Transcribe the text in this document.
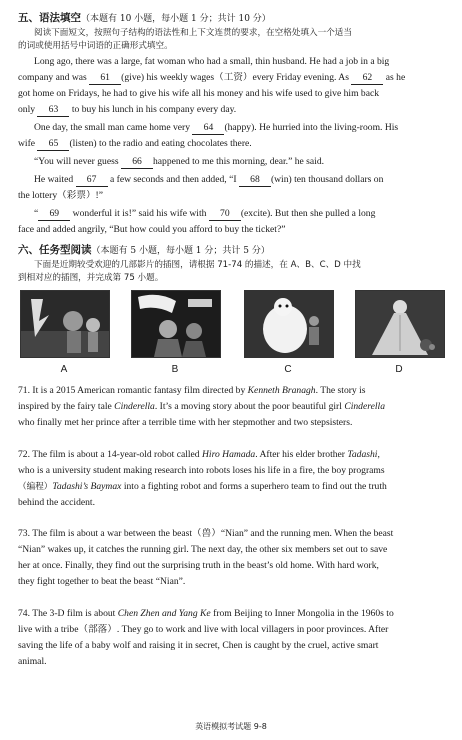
五、语法填空（本题有 10 小题，每小题 1 分；共计 10 分）
阅读下面短文，按照句子结构的语法性和上下文连贯的要求，在空格处填入一个适当
的词或使用括号中词语的正确形式填空。
Long ago, there was a large, fat woman who had a small, thin husband. He had a job in a big
company and was 61 (give) his weekly wages（工资）every Friday evening. As 62 as he
got home on Fridays, he had to give his wife all his money and his wife used to give him back
only 63 to buy his lunch in his company every day.
One day, the small man came home very 64 (happy). He hurried into the living-room. His
wife 65 (listen) to the radio and eating chocolates there.
“You will never guess 66 happened to me this morning, dear.” he said.
He waited 67 a few seconds and then added, “I 68 (win) ten thousand dollars on
the lottery（彩票）!”
“ 69 wonderful it is!” said his wife with 70 (excite). But then she pulled a long
face and added angrily, “But how could you afford to buy the ticket?”
六、任务型阅读（本题有 5 小题，每小题 1 分；共计 5 分）
下面是近期较受欢迎的几部影片的插图，请根据 71-74 的描述，在 A、B、C、D 中找
到相对应的插图，并完成第 75 小题。
A	B	C	D
71. It is a 2015 American romantic fantasy film directed by Kenneth Branagh. The story is
inspired by the fairy tale Cinderella. It’s a moving story about the poor beautiful girl Cinderella
who finally met her prince after a terrible time with her stepmother and two stepsisters.
72. The film is about a 14-year-old robot called Hiro Hamada. After his elder brother Tadashi,
who is a university student making research into robots loses his life in a fire, the boy programs
（编程）Tadashi’s Baymax into a fighting robot and forms a superhero team to find out the truth
behind the accident.
73. The film is about a war between the beast（兽）“Nian” and the running men. When the beast
“Nian” wakes up, it catches the running girl. The next day, the other six members set out to save
her at once. Finally, they find out the surprising truth in the beast’s old home. With hard work,
they fight together to beat the beast “Nian”.
74. The 3-D film is about Chen Zhen and Yang Ke from Beijing to Inner Mongolia in the 1960s to
live with a tribe（部落）. They go to work and live with local villagers in poor provinces. After
saving the life of a baby wolf and raising it in secret, Chen is caught by the cruel, active smart
animal.
英语模拟考试题 9-8
